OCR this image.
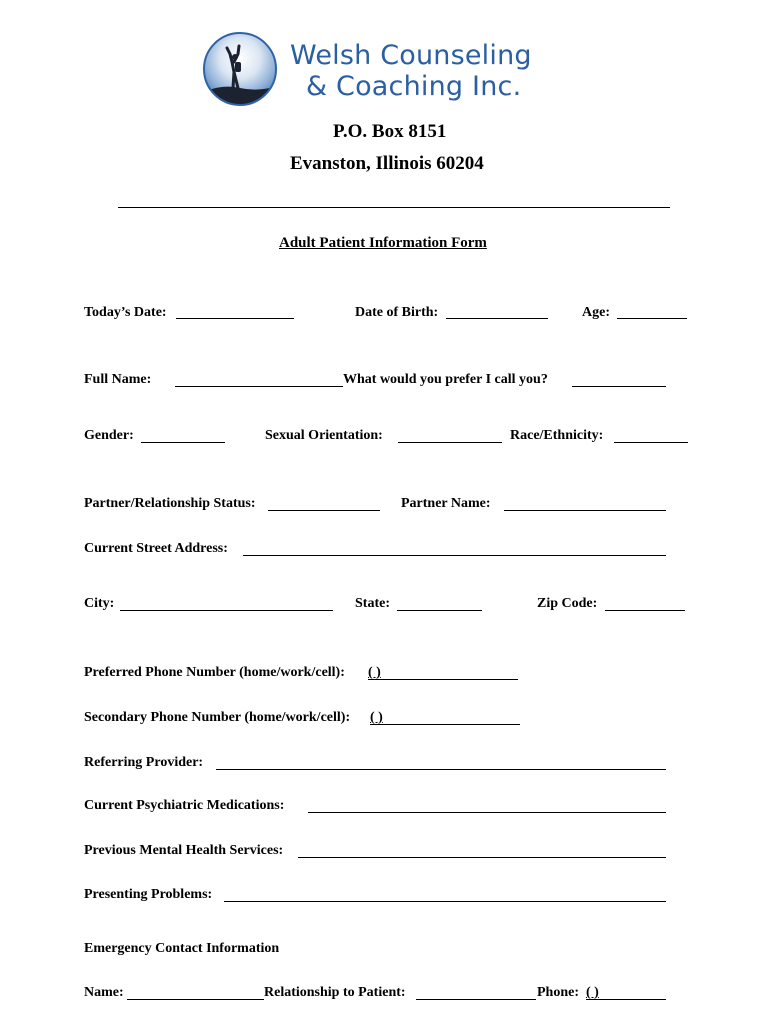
Welsh Counseling
& Coaching Inc.
P.O. Box 8151
Evanston, Illinois 60204
Adult Patient Information Form
Today’s Date:	Date of Birth:	Age:
Full Name:	What would you prefer I call you?
Gender:	Sexual Orientation:	Race/Ethnicity:
Partner/Relationship Status:	Partner Name:
Current Street Address:
City:	State:	Zip Code:
Preferred Phone Number (home/work/cell): ( )
Secondary Phone Number (home/work/cell): ( )
Referring Provider:
Current Psychiatric Medications:
Previous Mental Health Services:
Presenting Problems:
Emergency Contact Information
Name:	Relationship to Patient:	Phone: ( )
